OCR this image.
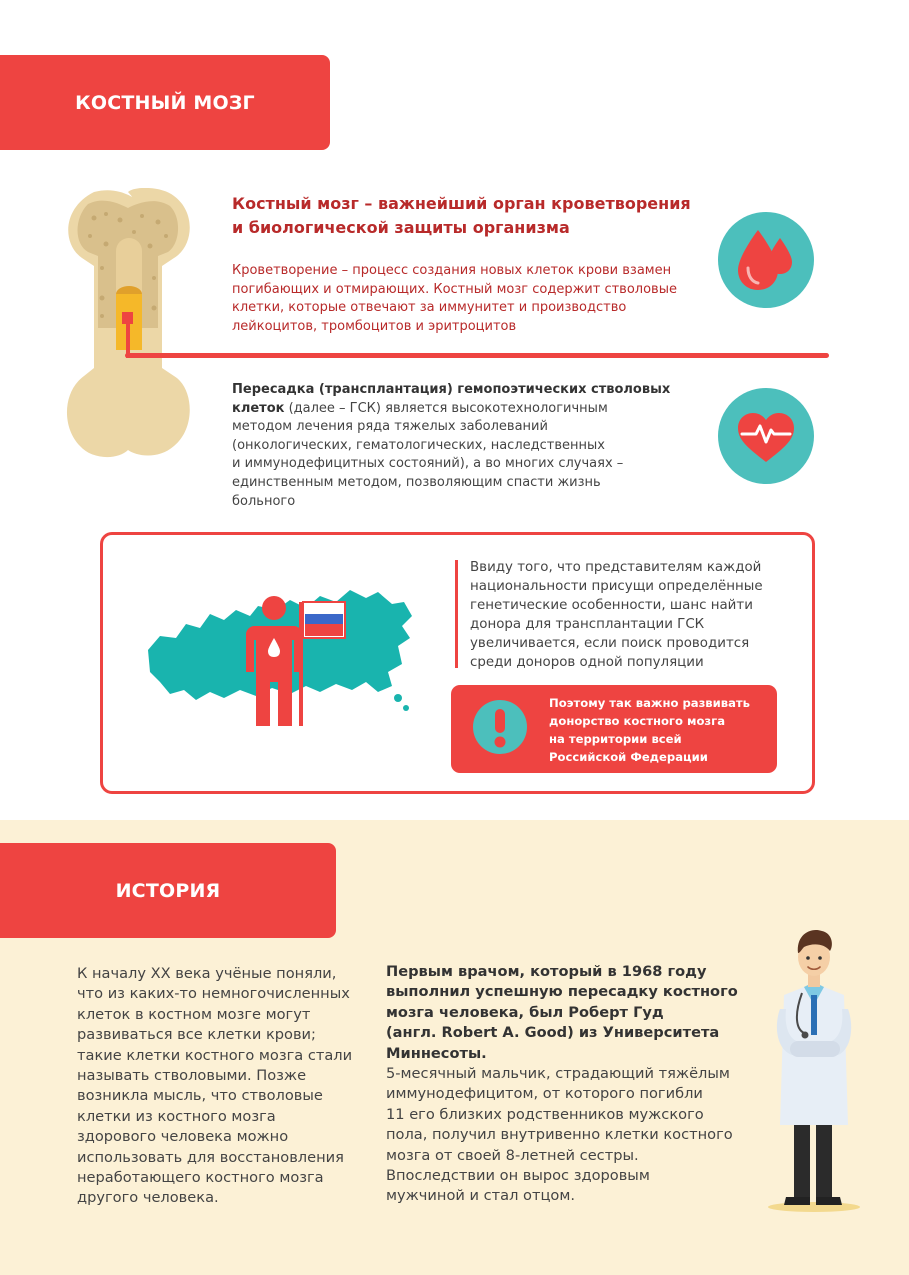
КОСТНЫЙ МОЗГ
Костный мозг – важнейший орган кроветворения
и биологической защиты организма
Кроветворение – процесс создания новых клеток крови взамен
погибающих и отмирающих. Костный мозг содержит стволовые
клетки, которые отвечают за иммунитет и производство
лейкоцитов, тромбоцитов и эритроцитов
Пересадка (трансплантация) гемопоэтических стволовых
клеток (далее – ГСК) является высокотехнологичным
методом лечения ряда тяжелых заболеваний
(онкологических, гематологических, наследственных
и иммунодефицитных состояний), а во многих случаях –
единственным методом, позволяющим спасти жизнь
больного
Ввиду того, что представителям каждой
национальности присущи определённые
генетические особенности, шанс найти
донора для трансплантации ГСК
увеличивается, если поиск проводится
среди доноров одной популяции
Поэтому так важно развивать
донорство костного мозга
на территории всей
Российской Федерации
ИСТОРИЯ
К началу XX века учёные поняли,
что из каких-то немногочисленных
клеток в костном мозге могут
развиваться все клетки крови;
такие клетки костного мозга стали
называть стволовыми. Позже
возникла мысль, что стволовые
клетки из костного мозга
здорового человека можно
использовать для восстановления
неработающего костного мозга
другого человека.
Первым врачом, который в 1968 году
выполнил успешную пересадку костного
мозга человека, был Роберт Гуд
(англ. Robert A. Good) из Университета
Миннесоты.
5-месячный мальчик, страдающий тяжёлым
иммунодефицитом, от которого погибли
11 его близких родственников мужского
пола, получил внутривенно клетки костного
мозга от своей 8-летней сестры.
Впоследствии он вырос здоровым
мужчиной и стал отцом.
